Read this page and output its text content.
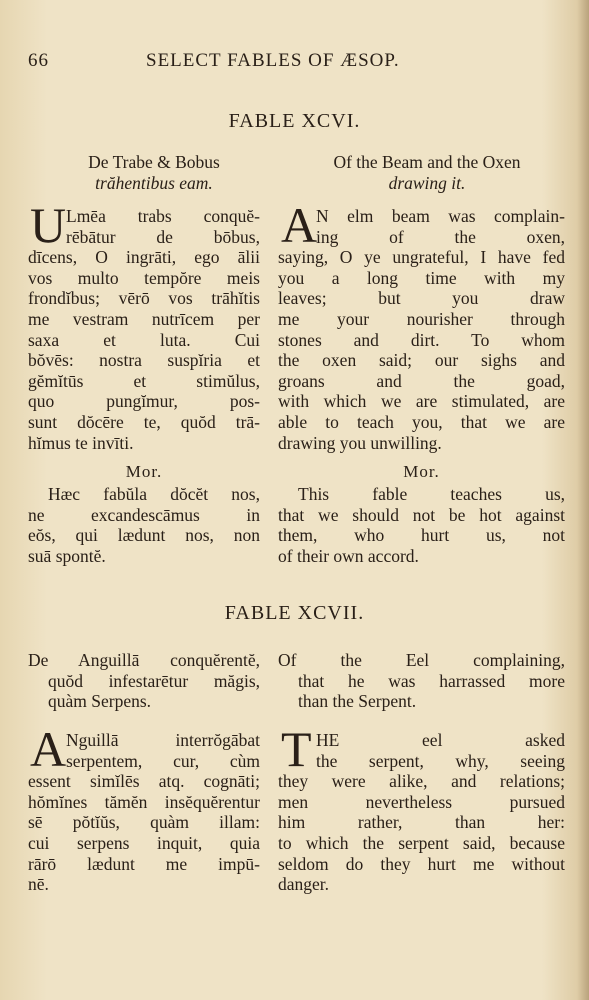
66	SELECT FABLES OF ÆSOP.
FABLE XCVI.
De Trabe & Bobus
trăhentibus eam.
Of the Beam and the Oxen
drawing it.
U Lmēa trabs conquĕ-
rēbātur de bōbus,
dīcens, O ingrāti, ego ālii
vos multo tempŏre meis
frondĭbus; vērō vos trāhĭtis
me vestram nutrīcem per
saxa et luta. Cui
bŏvēs: nostra suspĭria et
gĕmĭtūs et stimŭlus,
quo pungĭmur, pos-
sunt dŏcēre te, quŏd trā-
hĭmus te invīti.
A
N elm beam was complain-
ing of the oxen,
saying, O ye ungrateful, I have fed
you a long time with my
leaves; but you draw
me your nourisher through
stones and dirt. To whom
the oxen said; our sighs and
groans and the goad,
with which we are stimulated, are
able to teach you, that we are
drawing you unwilling.
Mor.	Mor.
Hæc fabŭla dŏcĕt nos,
ne excandescāmus in
eŏs, qui lædunt nos, non
suā spontĕ.
This fable teaches us,
that we should not be hot against
them, who hurt us, not
of their own accord.
FABLE XCVII.
De Anguillā conquĕrentĕ,
quŏd infestarētur măgis,
quàm Serpens.
Of the Eel complaining,
that he was harrassed more
than the Serpent.
A Nguillā interrŏgābat
serpentem, cur, cùm
essent simĭlēs atq. cognāti;
hŏmĭnes tămĕn insĕquĕrentur
sē pŏtĭŭs, quàm illam:
cui serpens inquit, quia
rārō lædunt me impū-
nē.
T HE eel asked
the serpent, why, seeing
they were alike, and relations;
men nevertheless pursued
him rather, than her:
to which the serpent said, because
seldom do they hurt me without
danger.
